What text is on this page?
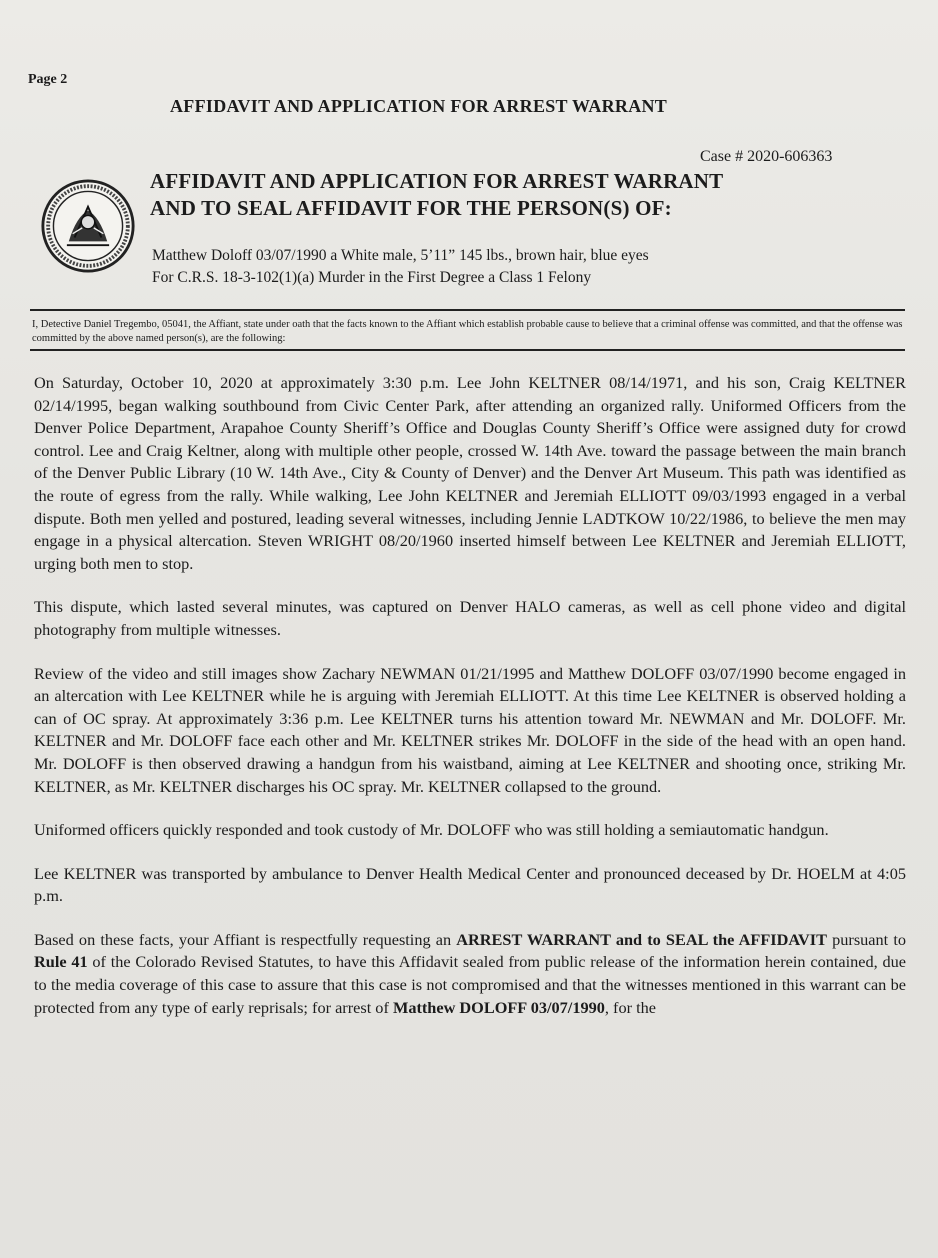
Page 2
AFFIDAVIT AND APPLICATION FOR ARREST WARRANT
Case # 2020-606363
AFFIDAVIT AND APPLICATION FOR ARREST WARRANT
AND TO SEAL AFFIDAVIT FOR THE PERSON(S) OF:
Matthew Doloff 03/07/1990 a White male, 5’11” 145 lbs., brown hair, blue eyes
For C.R.S. 18-3-102(1)(a) Murder in the First Degree a Class 1 Felony
I, Detective Daniel Tregembo, 05041, the Affiant, state under oath that the facts known to the Affiant which establish probable cause to believe that a criminal offense was committed, and that the offense was committed by the above named person(s), are the following:

On Saturday, October 10, 2020 at approximately 3:30 p.m. Lee John KELTNER 08/14/1971, and his son, Craig KELTNER 02/14/1995, began walking southbound from Civic Center Park, after attending an organized rally. Uniformed Officers from the Denver Police Department, Arapahoe County Sheriff’s Office and Douglas County Sheriff’s Office were assigned duty for crowd control. Lee and Craig Keltner, along with multiple other people, crossed W. 14th Ave. toward the passage between the main branch of the Denver Public Library (10 W. 14th Ave., City & County of Denver) and the Denver Art Museum. This path was identified as the route of egress from the rally. While walking, Lee John KELTNER and Jeremiah ELLIOTT 09/03/1993 engaged in a verbal dispute. Both men yelled and postured, leading several witnesses, including Jennie LADTKOW 10/22/1986, to believe the men may engage in a physical altercation. Steven WRIGHT 08/20/1960 inserted himself between Lee KELTNER and Jeremiah ELLIOTT, urging both men to stop.

This dispute, which lasted several minutes, was captured on Denver HALO cameras, as well as cell phone video and digital photography from multiple witnesses.

Review of the video and still images show Zachary NEWMAN 01/21/1995 and Matthew DOLOFF 03/07/1990 become engaged in an altercation with Lee KELTNER while he is arguing with Jeremiah ELLIOTT. At this time Lee KELTNER is observed holding a can of OC spray. At approximately 3:36 p.m. Lee KELTNER turns his attention toward Mr. NEWMAN and Mr. DOLOFF. Mr. KELTNER and Mr. DOLOFF face each other and Mr. KELTNER strikes Mr. DOLOFF in the side of the head with an open hand. Mr. DOLOFF is then observed drawing a handgun from his waistband, aiming at Lee KELTNER and shooting once, striking Mr. KELTNER, as Mr. KELTNER discharges his OC spray. Mr. KELTNER collapsed to the ground.

Uniformed officers quickly responded and took custody of Mr. DOLOFF who was still holding a semiautomatic handgun.

Lee KELTNER was transported by ambulance to Denver Health Medical Center and pronounced deceased by Dr. HOELM at 4:05 p.m.

Based on these facts, your Affiant is respectfully requesting an ARREST WARRANT and to SEAL the AFFIDAVIT pursuant to Rule 41 of the Colorado Revised Statutes, to have this Affidavit sealed from public release of the information herein contained, due to the media coverage of this case to assure that this case is not compromised and that the witnesses mentioned in this warrant can be protected from any type of early reprisals; for arrest of Matthew DOLOFF 03/07/1990, for the
